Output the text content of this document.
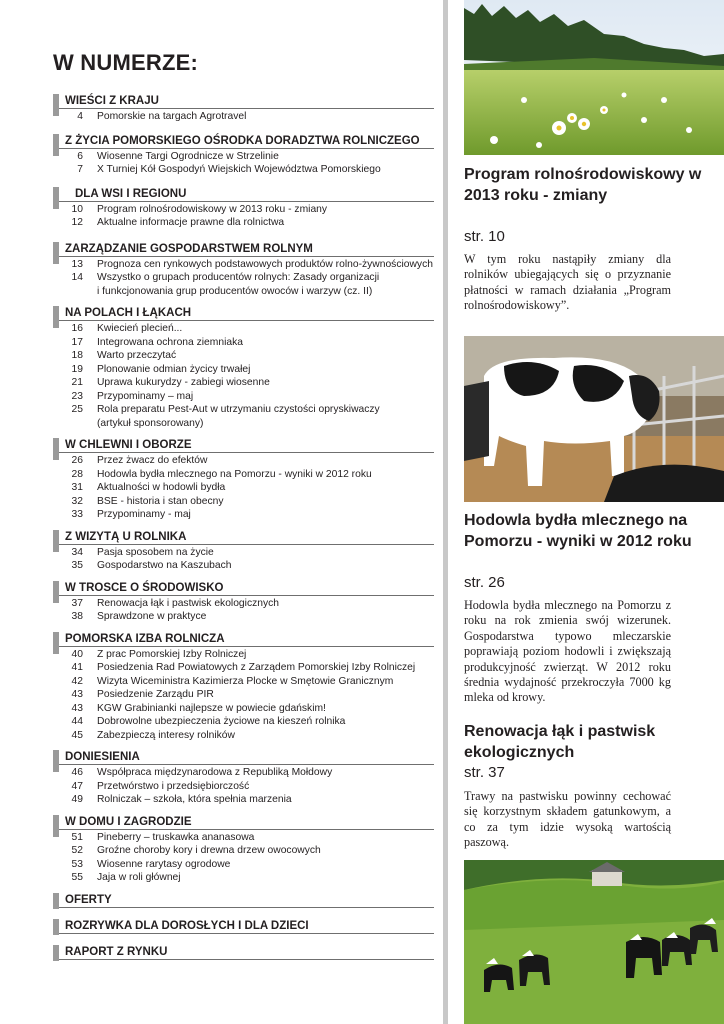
W NUMERZE:
WIEŚCI Z KRAJU
4	Pomorskie na targach Agrotravel
Z ŻYCIA POMORSKIEGO OŚRODKA DORADZTWA ROLNICZEGO
6	Wiosenne Targi Ogrodnicze w Strzelinie
7	X Turniej Kół Gospodyń Wiejskich Województwa Pomorskiego
DLA WSI I REGIONU
10	Program rolnośrodowiskowy w 2013 roku - zmiany
12	Aktualne informacje prawne dla rolnictwa
ZARZĄDZANIE GOSPODARSTWEM ROLNYM
13	Prognoza cen rynkowych podstawowych produktów rolno-żywnościowych
14	Wszystko o grupach producentów rolnych: Zasady organizacji
i funkcjonowania grup producentów owoców i warzyw (cz. II)
NA POLACH I ŁĄKACH
16	Kwiecień plecień...
17	Integrowana ochrona ziemniaka
18	Warto przeczytać
19	Plonowanie odmian życicy trwałej
21	Uprawa kukurydzy - zabiegi wiosenne
23	Przypominamy – maj
25	Rola preparatu Pest-Aut w utrzymaniu czystości opryskiwaczy
(artykuł sponsorowany)
W CHLEWNI I OBORZE
26	Przez żwacz do efektów
28	Hodowla bydła mlecznego na Pomorzu - wyniki w 2012 roku
31	Aktualności w hodowli bydła
32	BSE - historia i stan obecny
33	Przypominamy - maj
Z WIZYTĄ U ROLNIKA
34	Pasja sposobem na życie
35	Gospodarstwo na Kaszubach
W TROSCE O ŚRODOWISKO
37	Renowacja łąk i pastwisk ekologicznych
38	Sprawdzone w praktyce
POMORSKA IZBA ROLNICZA
40	Z prac Pomorskiej Izby Rolniczej
41	Posiedzenia Rad Powiatowych z Zarządem Pomorskiej Izby Rolniczej
42	Wizyta Wiceministra Kazimierza Plocke w Smętowie Granicznym
43	Posiedzenie Zarządu PIR
43	KGW Grabinianki najlepsze w powiecie gdańskim!
44	Dobrowolne ubezpieczenia życiowe na kieszeń rolnika
45	Zabezpieczą interesy rolników
DONIESIENIA
46	Współpraca międzynarodowa z Republiką Mołdowy
47	Przetwórstwo i przedsiębiorczość
49	Rolniczak – szkoła, która spełnia marzenia
W DOMU I ZAGRODZIE
51	Pineberry – truskawka ananasowa
52	Groźne choroby kory i drewna drzew owocowych
53	Wiosenne rarytasy ogrodowe
55	Jaja w roli głównej
OFERTY
ROZRYWKA DLA DOROSŁYCH I DLA DZIECI
RAPORT Z RYNKU
Program rolnośrodowiskowy w 2013 roku - zmiany
str. 10

W tym roku nastąpiły zmiany dla rolników ubiegających się o przyznanie płatności w ramach działania „Program rolnośrodowiskowy”.

Hodowla bydła mlecznego na Pomorzu - wyniki w 2012 roku
str. 26

Hodowla bydła mlecznego na Pomorzu z roku na rok zmienia swój wizerunek. Gospodarstwa typowo mleczarskie poprawiają poziom hodowli i zwiększają produkcyjność zwierząt. W 2012 roku średnia wydajność przekroczyła 7000 kg mleka od krowy.

Renowacja łąk i pastwisk ekologicznych
str. 37

Trawy na pastwisku powinny cechować się korzystnym składem gatunkowym, a co za tym idzie wysoką wartością paszową.
